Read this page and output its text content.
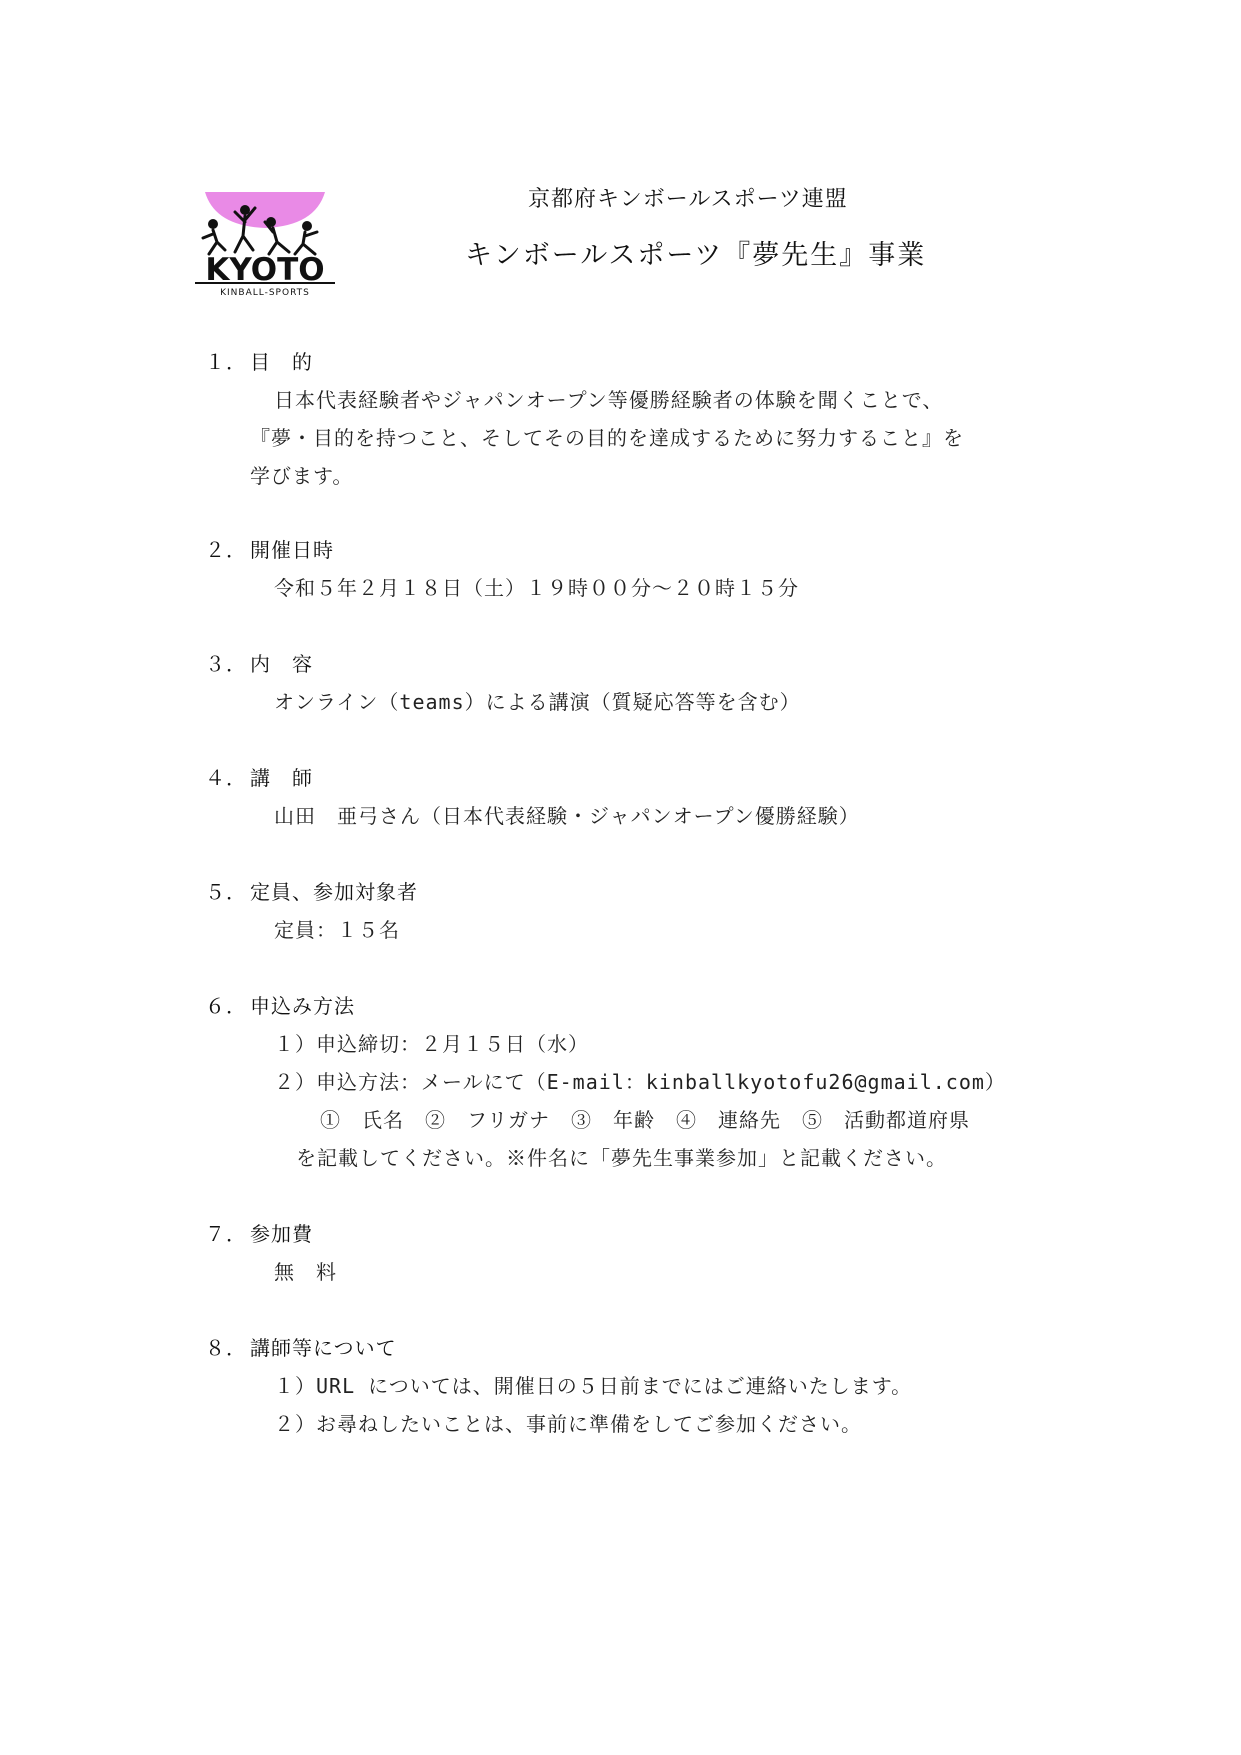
KYOTO
KINBALL-SPORTS
京都府キンボールスポーツ連盟
キンボールスポーツ『夢先生』事業
１． 目　的
日本代表経験者やジャパンオープン等優勝経験者の体験を聞くことで、
『夢・目的を持つこと、そしてその目的を達成するために努力すること』を
学びます。
２． 開催日時
令和５年２月１８日（土）１９時００分～２０時１５分
３． 内　容
オンライン（teams）による講演（質疑応答等を含む）
４． 講　師
山田　亜弓さん（日本代表経験・ジャパンオープン優勝経験）
５． 定員、参加対象者
定員：１５名
６． 申込み方法
１）申込締切：２月１５日（水）
２）申込方法：メールにて（E-mail：kinballkyotofu26@gmail.com）
①　氏名　②　フリガナ　③　年齢　④　連絡先　⑤　活動都道府県
を記載してください。※件名に「夢先生事業参加」と記載ください。
７． 参加費
無　料
８． 講師等について
１）URL については、開催日の５日前までにはご連絡いたします。
２）お尋ねしたいことは、事前に準備をしてご参加ください。
